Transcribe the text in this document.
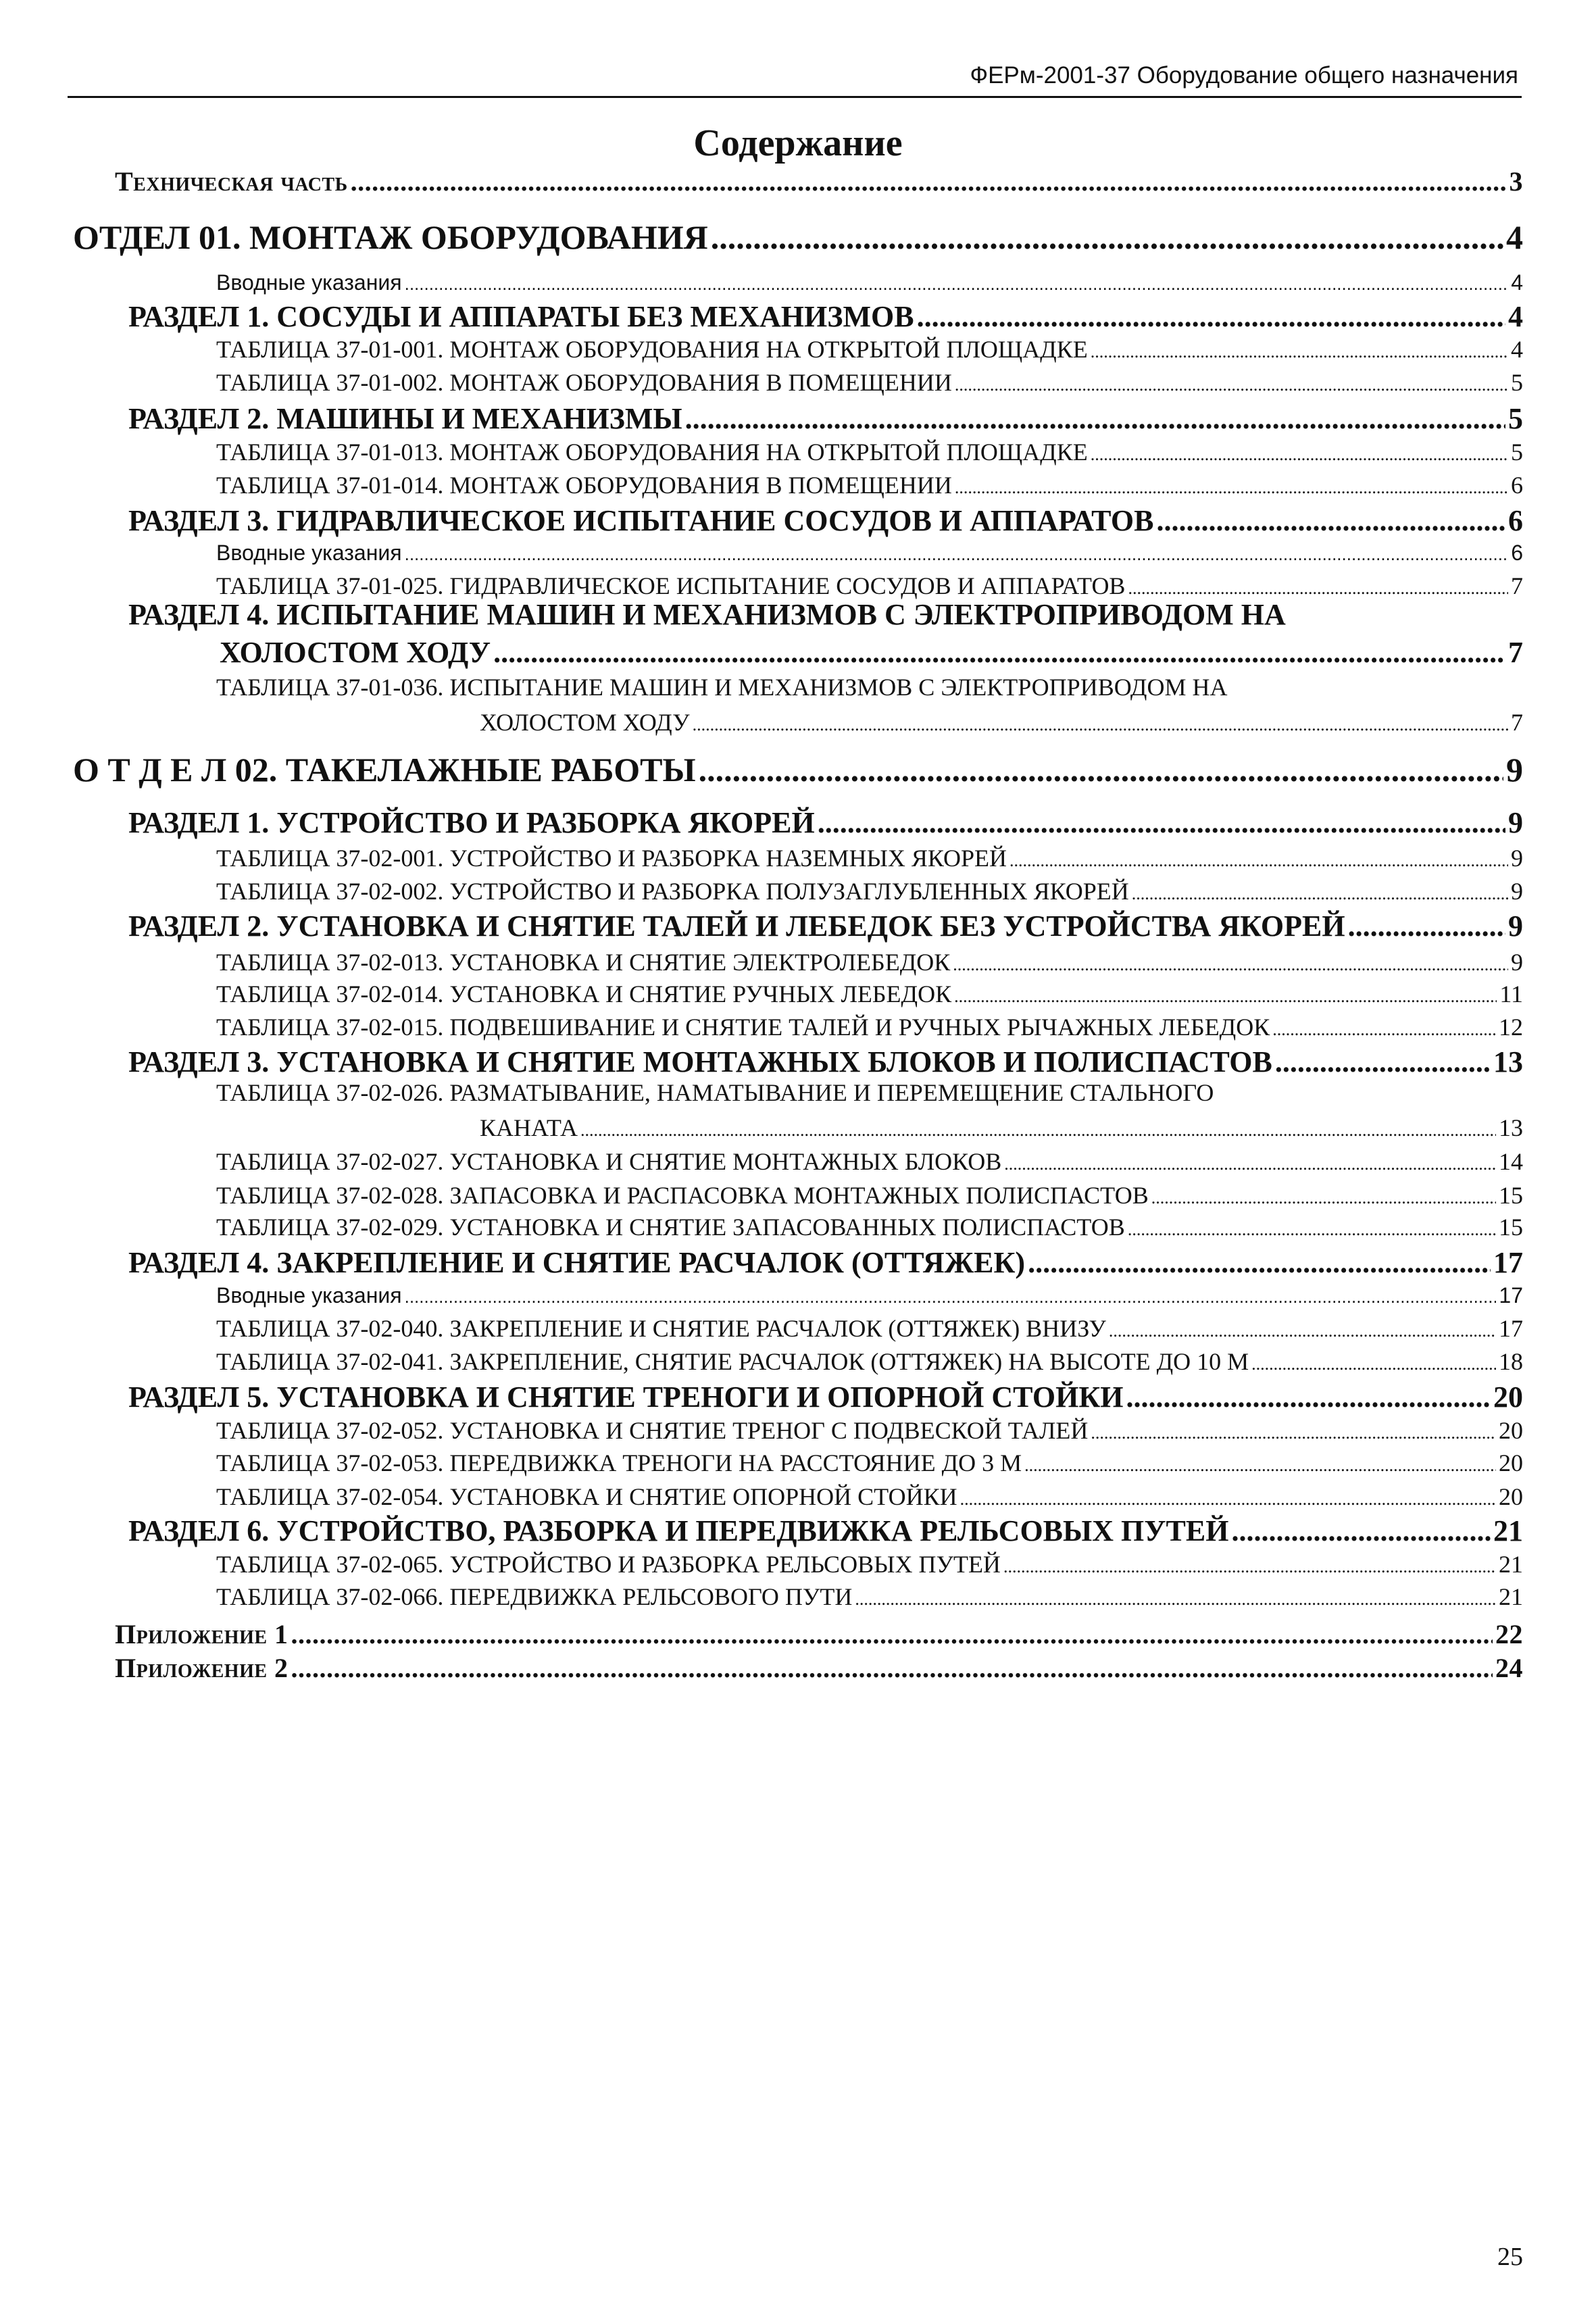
ФЕРм-2001-37 Оборудование общего назначения
Содержание
Техническая часть .....	3
ОТДЕЛ 01. МОНТАЖ ОБОРУДОВАНИЯ .....	4
Вводные указания .....	4
РАЗДЕЛ 1. СОСУДЫ И АППАРАТЫ БЕЗ МЕХАНИЗМОВ .....	4
ТАБЛИЦА 37-01-001. МОНТАЖ ОБОРУДОВАНИЯ НА ОТКРЫТОЙ ПЛОЩАДКЕ .....	4
ТАБЛИЦА 37-01-002. МОНТАЖ ОБОРУДОВАНИЯ В ПОМЕЩЕНИИ .....	5
РАЗДЕЛ 2. МАШИНЫ И МЕХАНИЗМЫ .....	5
ТАБЛИЦА 37-01-013. МОНТАЖ ОБОРУДОВАНИЯ НА ОТКРЫТОЙ ПЛОЩАДКЕ .....	5
ТАБЛИЦА 37-01-014. МОНТАЖ ОБОРУДОВАНИЯ В ПОМЕЩЕНИИ .....	6
РАЗДЕЛ 3. ГИДРАВЛИЧЕСКОЕ ИСПЫТАНИЕ СОСУДОВ И АППАРАТОВ .....	6
Вводные указания .....	6
ТАБЛИЦА 37-01-025. ГИДРАВЛИЧЕСКОЕ ИСПЫТАНИЕ СОСУДОВ И АППАРАТОВ .....	7
РАЗДЕЛ 4. ИСПЫТАНИЕ МАШИН И МЕХАНИЗМОВ С ЭЛЕКТРОПРИВОДОМ НА
ХОЛОСТОМ ХОДУ .....	7
ТАБЛИЦА 37-01-036. ИСПЫТАНИЕ МАШИН И МЕХАНИЗМОВ С ЭЛЕКТРОПРИВОДОМ НА
ХОЛОСТОМ ХОДУ .....	7
О Т Д Е Л 02. ТАКЕЛАЖНЫЕ РАБОТЫ .....	9
РАЗДЕЛ 1. УСТРОЙСТВО И РАЗБОРКА ЯКОРЕЙ .....	9
ТАБЛИЦА 37-02-001. УСТРОЙСТВО И РАЗБОРКА НАЗЕМНЫХ ЯКОРЕЙ .....	9
ТАБЛИЦА 37-02-002. УСТРОЙСТВО И РАЗБОРКА ПОЛУЗАГЛУБЛЕННЫХ ЯКОРЕЙ .....	9
РАЗДЕЛ 2. УСТАНОВКА И СНЯТИЕ ТАЛЕЙ И ЛЕБЕДОК БЕЗ УСТРОЙСТВА ЯКОРЕЙ .....	9
ТАБЛИЦА 37-02-013. УСТАНОВКА И СНЯТИЕ ЭЛЕКТРОЛЕБЕДОК .....	9
ТАБЛИЦА 37-02-014. УСТАНОВКА И СНЯТИЕ РУЧНЫХ ЛЕБЕДОК .....	11
ТАБЛИЦА 37-02-015. ПОДВЕШИВАНИЕ И СНЯТИЕ ТАЛЕЙ И РУЧНЫХ РЫЧАЖНЫХ ЛЕБЕДОК .....	12
РАЗДЕЛ 3. УСТАНОВКА И СНЯТИЕ МОНТАЖНЫХ БЛОКОВ И ПОЛИСПАСТОВ .....	13
ТАБЛИЦА 37-02-026. РАЗМАТЫВАНИЕ, НАМАТЫВАНИЕ И ПЕРЕМЕЩЕНИЕ СТАЛЬНОГО
КАНАТА .....	13
ТАБЛИЦА 37-02-027. УСТАНОВКА И СНЯТИЕ МОНТАЖНЫХ БЛОКОВ .....	14
ТАБЛИЦА 37-02-028. ЗАПАСОВКА И РАСПАСОВКА МОНТАЖНЫХ ПОЛИСПАСТОВ .....	15
ТАБЛИЦА 37-02-029. УСТАНОВКА И СНЯТИЕ ЗАПАСОВАННЫХ ПОЛИСПАСТОВ .....	15
РАЗДЕЛ 4. ЗАКРЕПЛЕНИЕ И СНЯТИЕ РАСЧАЛОК (ОТТЯЖЕК) .....	17
Вводные указания .....	17
ТАБЛИЦА 37-02-040. ЗАКРЕПЛЕНИЕ И СНЯТИЕ РАСЧАЛОК (ОТТЯЖЕК) ВНИЗУ .....	17
ТАБЛИЦА 37-02-041. ЗАКРЕПЛЕНИЕ, СНЯТИЕ РАСЧАЛОК (ОТТЯЖЕК) НА ВЫСОТЕ ДО 10 М .....	18
РАЗДЕЛ 5. УСТАНОВКА И СНЯТИЕ ТРЕНОГИ И ОПОРНОЙ СТОЙКИ .....	20
ТАБЛИЦА 37-02-052. УСТАНОВКА И СНЯТИЕ ТРЕНОГ С ПОДВЕСКОЙ ТАЛЕЙ .....	20
ТАБЛИЦА 37-02-053. ПЕРЕДВИЖКА ТРЕНОГИ НА РАССТОЯНИЕ ДО 3 М .....	20
ТАБЛИЦА 37-02-054. УСТАНОВКА И СНЯТИЕ ОПОРНОЙ СТОЙКИ .....	20
РАЗДЕЛ 6. УСТРОЙСТВО, РАЗБОРКА И ПЕРЕДВИЖКА РЕЛЬСОВЫХ ПУТЕЙ .....	21
ТАБЛИЦА 37-02-065. УСТРОЙСТВО И РАЗБОРКА РЕЛЬСОВЫХ ПУТЕЙ .....	21
ТАБЛИЦА 37-02-066. ПЕРЕДВИЖКА РЕЛЬСОВОГО ПУТИ .....	21
Приложение 1 .....	22
Приложение 2 .....	24
25
